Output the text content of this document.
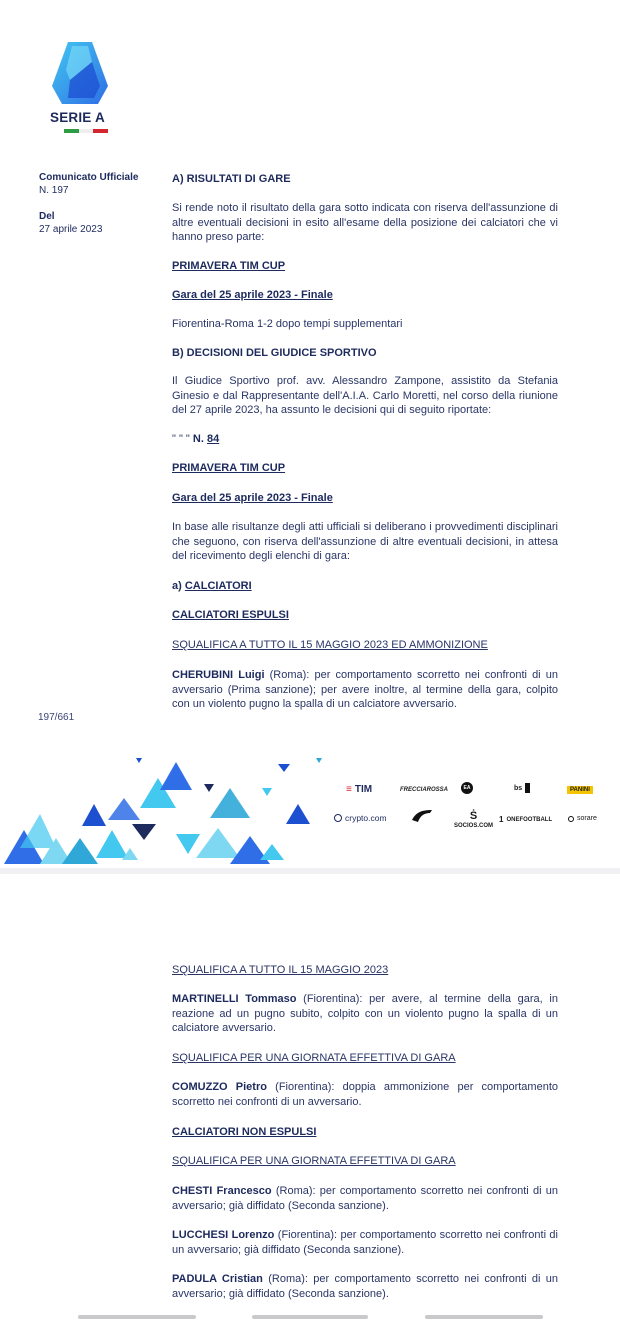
SERIE A
Comunicato Ufficiale
N. 197
Del
27 aprile 2023
A) RISULTATI DI GARE

Si rende noto il risultato della gara sotto indicata con riserva dell'assunzione di altre eventuali decisioni in esito all'esame della posizione dei calciatori che vi hanno preso parte:

PRIMAVERA TIM CUP
Gara del 25 aprile 2023 - Finale
Fiorentina-Roma 1-2 dopo tempi supplementari
B) DECISIONI DEL GIUDICE SPORTIVO

Il Giudice Sportivo prof. avv. Alessandro Zampone, assistito da Stefania Ginesio e dal Rappresentante dell'A.I.A. Carlo Moretti, nel corso della riunione del 27 aprile 2023, ha assunto le decisioni qui di seguito riportate:

" " " N. 84
PRIMAVERA TIM CUP
Gara del 25 aprile 2023 - Finale

In base alle risultanze degli atti ufficiali si deliberano i provvedimenti disciplinari che seguono, con riserva dell'assunzione di altre eventuali decisioni, in attesa del ricevimento degli elenchi di gara:

a) CALCIATORI
CALCIATORI ESPULSI
SQUALIFICA A TUTTO IL 15 MAGGIO 2023 ED AMMONIZIONE

CHERUBINI Luigi (Roma): per comportamento scorretto nei confronti di un avversario (Prima sanzione); per avere inoltre, al termine della gara, colpito con un violento pugno la spalla di un calciatore avversario.

197/661
≡ TIM	FRECCIAROSSA	EA	bs	PANINI
crypto.com	Ṡ
SOCIOS.COM
1 ONEFOOTBALL	sorare
SQUALIFICA A TUTTO IL 15 MAGGIO 2023

MARTINELLI Tommaso (Fiorentina): per avere, al termine della gara, in reazione ad un pugno subito, colpito con un violento pugno la spalla di un calciatore avversario.

SQUALIFICA PER UNA GIORNATA EFFETTIVA DI GARA

COMUZZO Pietro (Fiorentina): doppia ammonizione per comportamento scorretto nei confronti di un avversario.

CALCIATORI NON ESPULSI
SQUALIFICA PER UNA GIORNATA EFFETTIVA DI GARA

CHESTI Francesco (Roma): per comportamento scorretto nei confronti di un avversario; già diffidato (Seconda sanzione).

LUCCHESI Lorenzo (Fiorentina): per comportamento scorretto nei confronti di un avversario; già diffidato (Seconda sanzione).

PADULA Cristian (Roma): per comportamento scorretto nei confronti di un avversario; già diffidato (Seconda sanzione).
